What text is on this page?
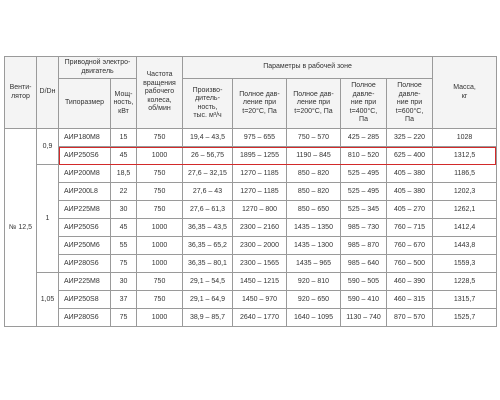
Венти-
лятор	D/Dн	Приводной электро-
двигатель		Частота
вращения
рабочего
колеса,
об/мин	Параметры в рабочей зоне					Масса,
кг
		Типоразмер	Мощ-
ность,
кВт		Произво-
дитель-
ность,
тыс. м³/ч	Полное дав-
ление при
t=20°C, Па	Полное дав-
ление при
t=200°C, Па	Полное
давле-
ние при
t=400°C,
Па	Полное
давле-
ние при
t=600°C,
Па	
№ 12,5	0,9	АИР180М8	15	750	19,4 – 43,5	975 – 655	750 – 570	425 – 285	325 – 220	1028
		АИР250S6	45	1000	26 – 56,75	1895 – 1255	1190 – 845	810 – 520	625 – 400	1312,5
	1	АИР200М8	18,5	750	27,6 – 32,15	1270 – 1185	850 – 820	525 – 495	405 – 380	1186,5
		АИР200L8	22	750	27,6 – 43	1270 – 1185	850 – 820	525 – 495	405 – 380	1202,3
		АИР225М8	30	750	27,6 – 61,3	1270 – 800	850 – 650	525 – 345	405 – 270	1262,1
		АИР250S6	45	1000	36,35 – 43,5	2300 – 2160	1435 – 1350	985 – 730	760 – 715	1412,4
		АИР250М6	55	1000	36,35 – 65,2	2300 – 2000	1435 – 1300	985 – 870	760 – 670	1443,8
		АИР280S6	75	1000	36,35 – 80,1	2300 – 1565	1435 – 965	985 – 640	760 – 500	1559,3
	1,05	АИР225М8	30	750	29,1 – 54,5	1450 – 1215	920 – 810	590 – 505	460 – 390	1228,5
		АИР250S8	37	750	29,1 – 64,9	1450 – 970	920 – 650	590 – 410	460 – 315	1315,7
		АИР280S6	75	1000	38,9 – 85,7	2640 – 1770	1640 – 1095	1130 – 740	870 – 570	1525,7
